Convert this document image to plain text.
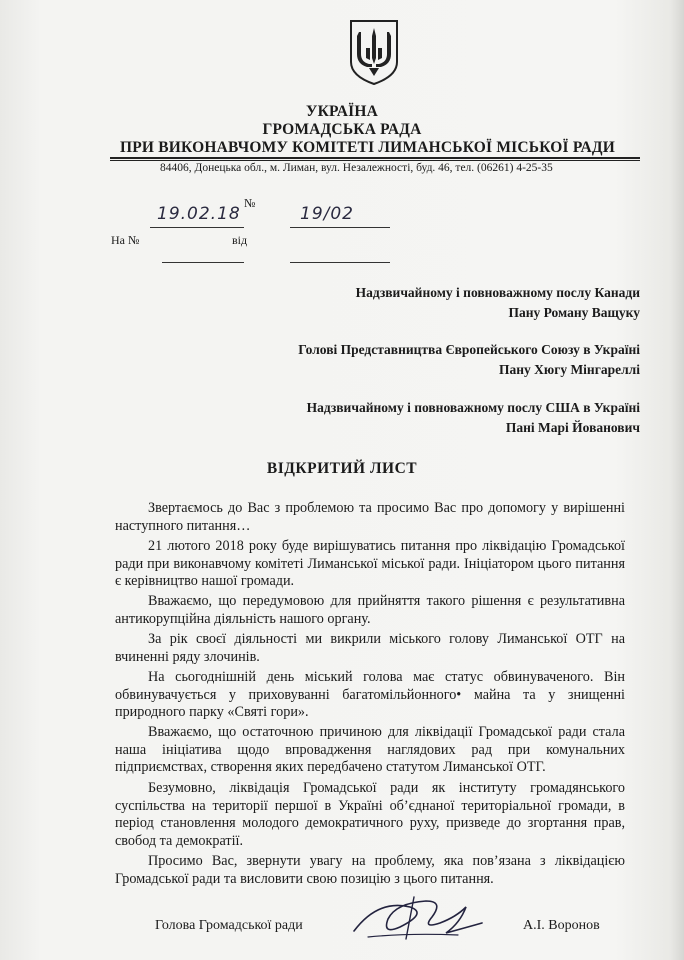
УКРАЇНА
ГРОМАДСЬКА РАДА
ПРИ ВИКОНАВЧОМУ КОМІТЕТІ ЛИМАНСЬКОЇ МІСЬКОЇ РАДИ
84406, Донецька обл., м. Лиман, вул. Незалежності, буд. 46, тел. (06261) 4-25-35
19.02.18
№
19/02
На №	від
Надзвичайному і повноважному послу Канади
Пану Роману Ващуку
Голові Представництва Європейського Союзу в Україні
Пану Хюгу Мінгареллі
Надзвичайному і повноважному послу США в Україні
Пані Марі Йованович
ВІДКРИТИЙ ЛИСТ
Звертаємось до Вас з проблемою та просимо Вас про допомогу у вирішенні наступного питання…
21 лютого 2018 року буде вирішуватись питання про ліквідацію Громадської ради при виконавчому комітеті Лиманської міської ради. Ініціатором цього питання є керівництво нашої громади.
Вважаємо, що передумовою для прийняття такого рішення є результативна антикорупційна діяльність нашого органу.
За рік своєї діяльності ми викрили міського голову Лиманської ОТГ на вчиненні ряду злочинів.
На сьогоднішній день міський голова має статус обвинуваченого. Він обвинувачується у приховуванні багатомільйонного• майна та у знищенні природного парку «Святі гори».
Вважаємо, що остаточною причиною для ліквідації Громадської ради стала наша ініціатива щодо впровадження наглядових рад при комунальних підприємствах, створення яких передбачено статутом Лиманської ОТГ.
Безумовно, ліквідація Громадської ради як інституту громадянського суспільства на території першої в Україні об’єднаної територіальної громади, в період становлення молодого демократичного руху, призведе до згортання прав, свобод та демократії.
Просимо Вас, звернути увагу на проблему, яка пов’язана з ліквідацією Громадської ради та висловити свою позицію з цього питання.
Голова Громадської ради	А.І. Воронов
